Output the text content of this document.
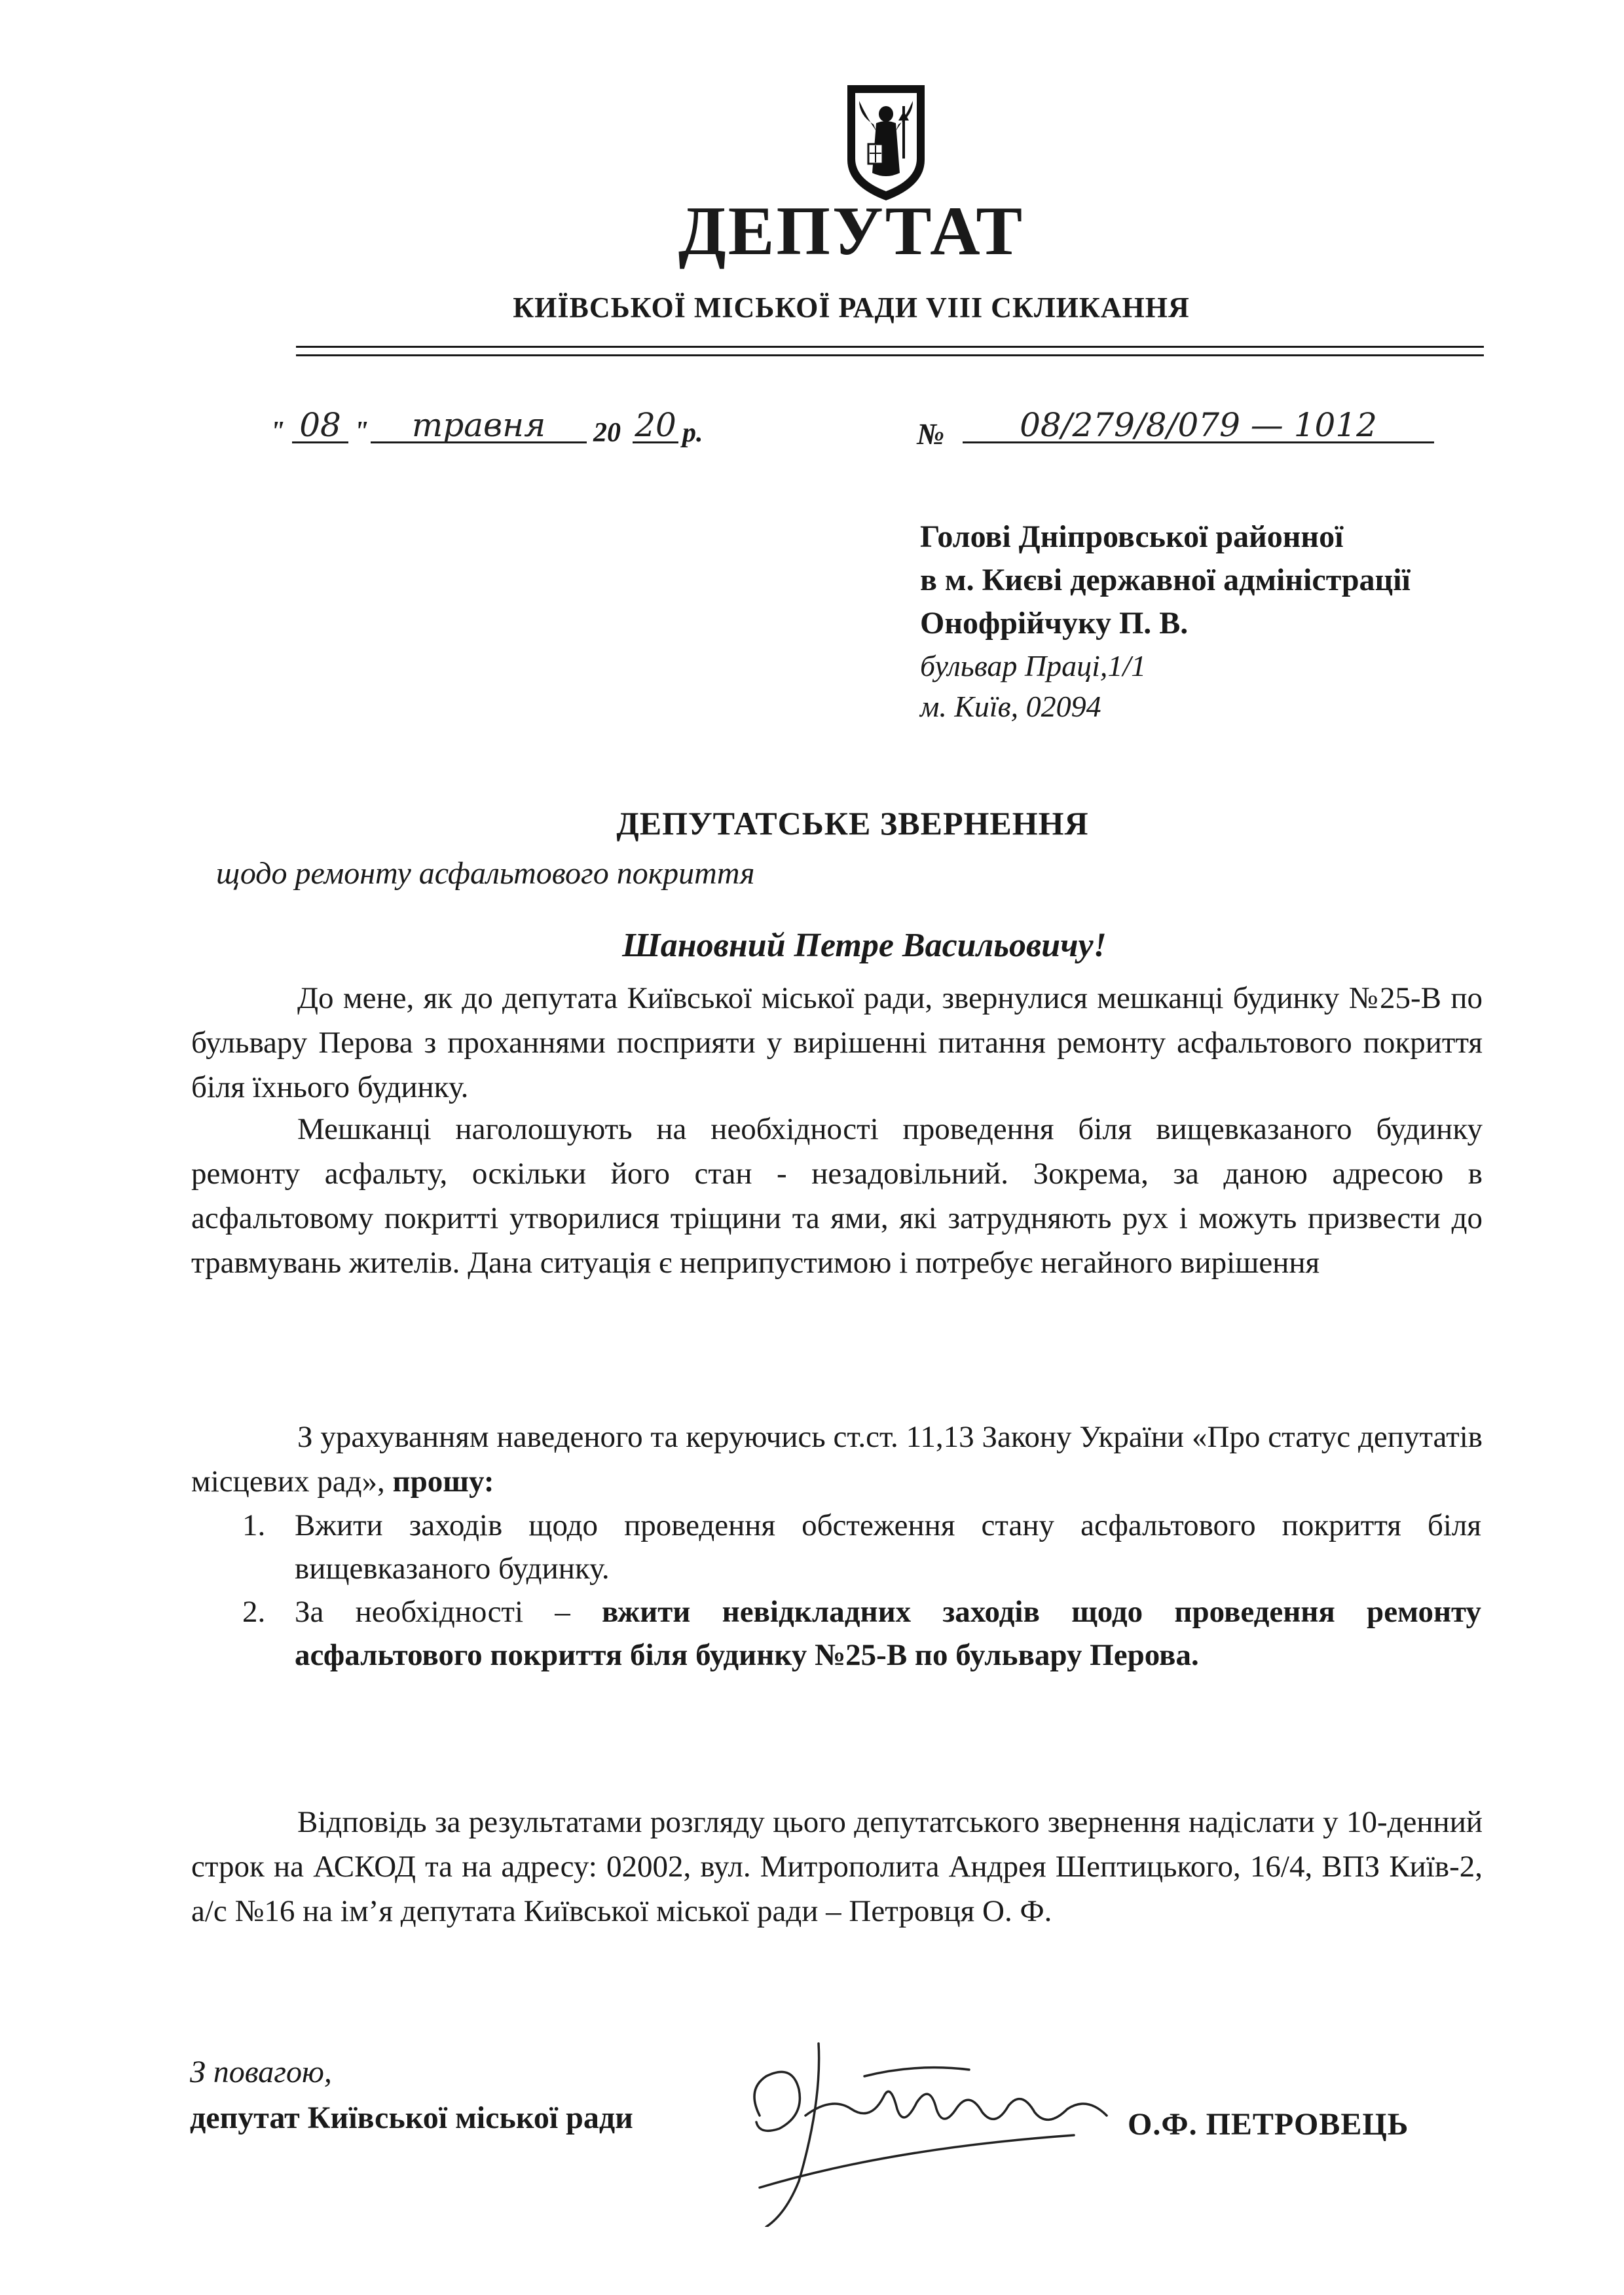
ДЕПУТАТ
КИЇВСЬКОЇ МІСЬКОЇ РАДИ VIII СКЛИКАННЯ
" 08 "	травня	20 20 р.	№	08/279/8/079 — 1012
Голові Дніпровської районної
в м. Києві державної адміністрації
Онофрійчуку П. В.
бульвар Праці,1/1
м. Київ, 02094
ДЕПУТАТСЬКЕ ЗВЕРНЕННЯ
щодо ремонту асфальтового покриття
Шановний Петре Васильовичу!

До мене, як до депутата Київської міської ради, звернулися мешканці будинку №25-В по бульвару Перова з проханнями посприяти у вирішенні питання ремонту асфальтового покриття біля їхнього будинку.

Мешканці наголошують на необхідності проведення біля вищевказаного будинку ремонту асфальту, оскільки його стан - незадовільний. Зокрема, за даною адресою в асфальтовому покритті утворилися тріщини та ями, які затрудняють рух і можуть призвести до травмувань жителів. Дана ситуація є неприпустимою і потребує негайного вирішення

З урахуванням наведеного та керуючись ст.ст. 11,13 Закону України «Про статус депутатів місцевих рад», прошу:

1. Вжити заходів щодо проведення обстеження стану асфальтового покриття біля вищевказаного будинку.
2. За необхідності – вжити невідкладних заходів щодо проведення ремонту асфальтового покриття біля будинку №25-В по бульвару Перова.

Відповідь за результатами розгляду цього депутатського звернення надіслати у 10-денний строк на АСКОД та на адресу: 02002, вул. Митрополита Андрея Шептицького, 16/4, ВПЗ Київ-2, а/с №16 на ім’я депутата Київської міської ради – Петровця О. Ф.

З повагою,
депутат Київської міської ради	О.Ф. ПЕТРОВЕЦЬ
